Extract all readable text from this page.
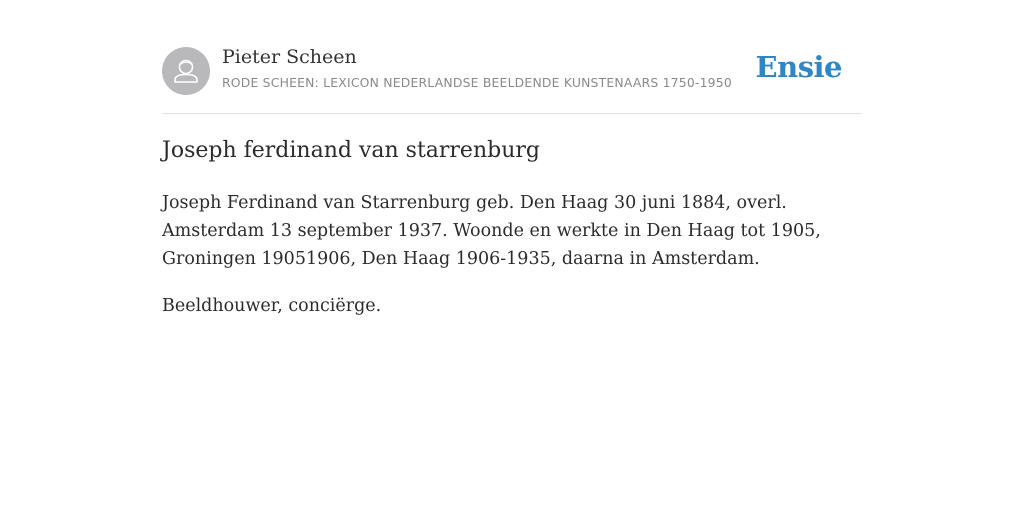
Pieter Scheen
RODE SCHEEN: LEXICON NEDERLANDSE BEELDENDE KUNSTENAARS 1750-1950 Ensie
Joseph ferdinand van starrenburg

Joseph Ferdinand van Starrenburg geb. Den Haag 30 juni 1884, overl. Amsterdam 13 september 1937. Woonde en werkte in Den Haag tot 1905, Groningen 19051906, Den Haag 1906-1935, daarna in Amsterdam.

Beeldhouwer, conciërge.
